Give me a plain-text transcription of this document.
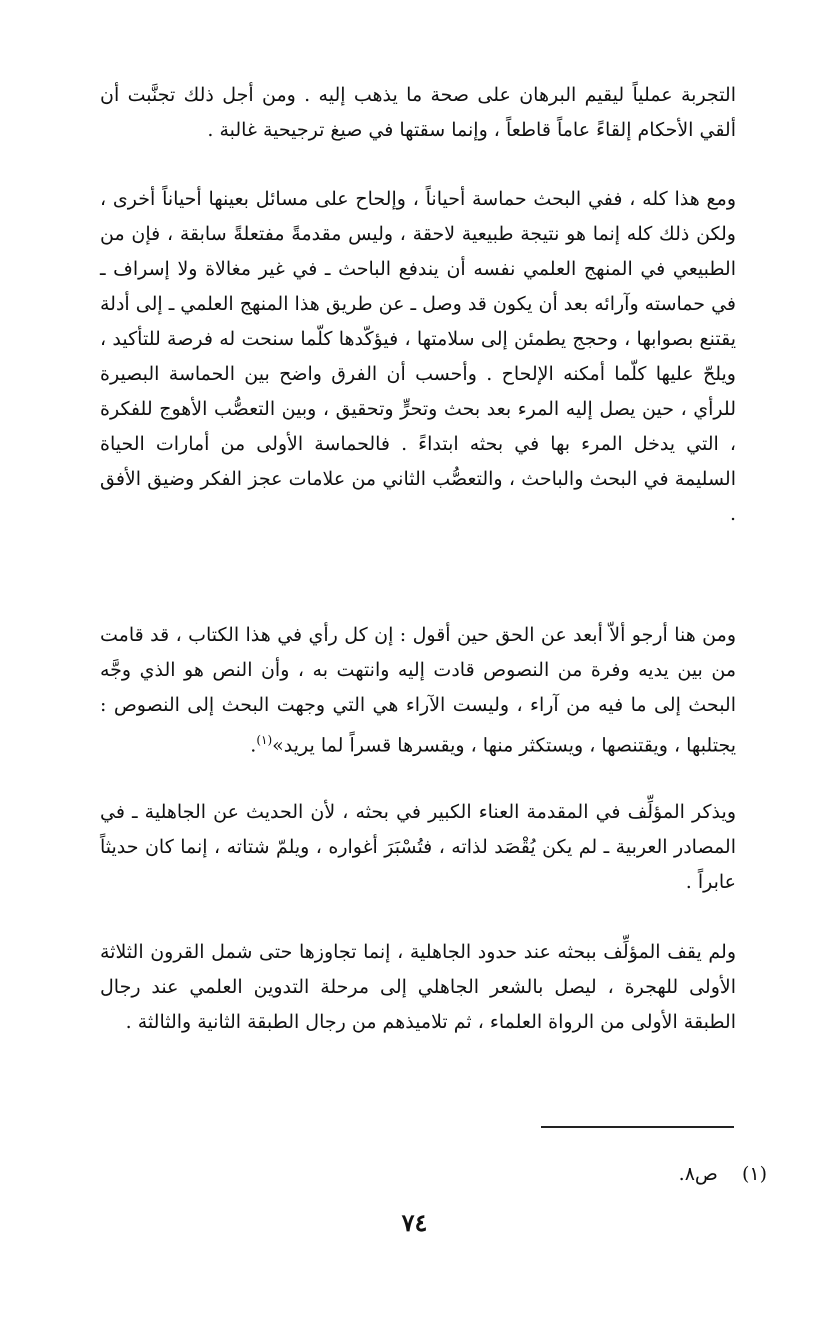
التجربة عملياً ليقيم البرهان على صحة ما يذهب إليه . ومن أجل ذلك تجنَّبت أن ألقي الأحكام إلقاءً عاماً قاطعاً ، وإنما سقتها في صيغ ترجيحية غالبة .

ومع هذا كله ، ففي البحث حماسة أحياناً ، وإلحاح على مسائل بعينها أحياناً أخرى ، ولكن ذلك كله إنما هو نتيجة طبيعية لاحقة ، وليس مقدمةً مفتعلةً سابقة ، فإن من الطبيعي في المنهج العلمي نفسه أن يندفع الباحث ـ في غير مغالاة ولا إسراف ـ في حماسته وآرائه بعد أن يكون قد وصل ـ عن طريق هذا المنهج العلمي ـ إلى أدلة يقتنع بصوابها ، وحجج يطمئن إلى سلامتها ، فيؤكّدها كلّما سنحت له فرصة للتأكيد ، ويلحّ عليها كلّما أمكنه الإلحاح . وأحسب أن الفرق واضح بين الحماسة البصيرة للرأي ، حين يصل إليه المرء بعد بحث وتحرٍّ وتحقيق ، وبين التعصُّب الأهوج للفكرة ، التي يدخل المرء بها في بحثه ابتداءً . فالحماسة الأولى من أمارات الحياة السليمة في البحث والباحث ، والتعصُّب الثاني من علامات عجز الفكر وضيق الأفق .

ومن هنا أرجو ألاّ أبعد عن الحق حين أقول : إن كل رأي في هذا الكتاب ، قد قامت من بين يديه وفرة من النصوص قادت إليه وانتهت به ، وأن النص هو الذي وجَّه البحث إلى ما فيه من آراء ، وليست الآراء هي التي وجهت البحث إلى النصوص : يجتلبها ، ويقتنصها ، ويستكثر منها ، ويقسرها قسراً لما يريد»$^{(١)}$.

ويذكر المؤلِّف في المقدمة العناء الكبير في بحثه ، لأن الحديث عن الجاهلية ـ في المصادر العربية ـ لم يكن يُقْصَد لذاته ، فتُسْبَرَ أغواره ، ويلمّ شتاته ، إنما كان حديثاً عابراً .

ولم يقف المؤلِّف ببحثه عند حدود الجاهلية ، إنما تجاوزها حتى شمل القرون الثلاثة الأولى للهجرة ، ليصل بالشعر الجاهلي إلى مرحلة التدوين العلمي عند رجال الطبقة الأولى من الرواة العلماء ، ثم تلاميذهم من رجال الطبقة الثانية والثالثة .

(١) ص٨.
٧٤
